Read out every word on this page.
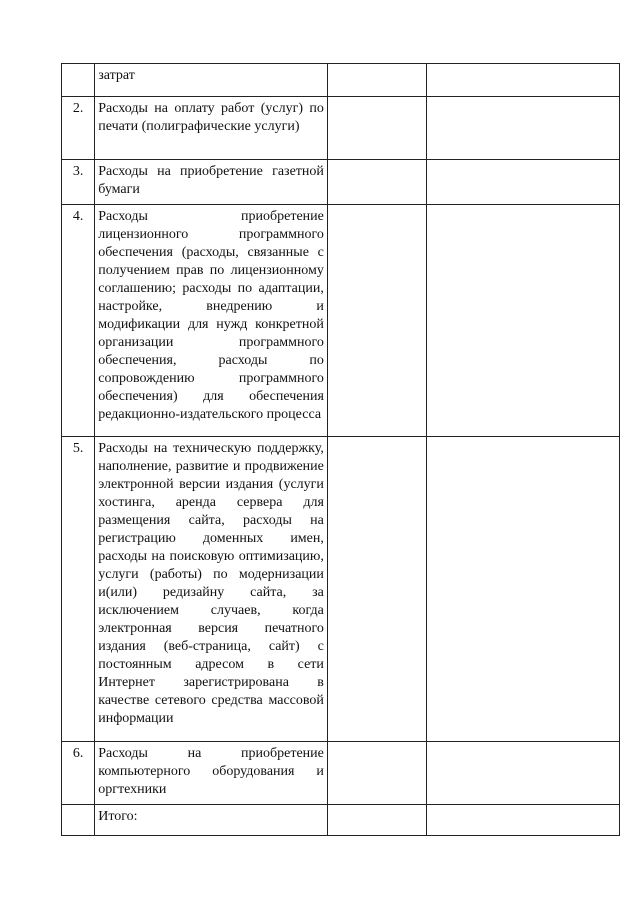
	затрат		
2.	Расходы на оплату работ (услуг) по печати (полиграфические услуги)		
3.	Расходы на приобретение газетной бумаги		
4.	Расходы приобретение лицензионного программного обеспечения (расходы, связанные с получением прав по лицензионному соглашению; расходы по адаптации, настройке, внедрению и модификации для нужд конкретной организации программного обеспечения, расходы по сопровождению программного обеспечения) для обеспечения редакционно-издательского процесса		
5.	Расходы на техническую поддержку, наполнение, развитие и продвижение электронной версии издания (услуги хостинга, аренда сервера для размещения сайта, расходы на регистрацию доменных имен, расходы на поисковую оптимизацию, услуги (работы) по модернизации и(или) редизайну сайта, за исключением случаев, когда электронная версия печатного издания (веб-страница, сайт) с постоянным адресом в сети Интернет зарегистрирована в качестве сетевого средства массовой информации		
6.	Расходы на приобретение компьютерного оборудования и оргтехники		
	Итого:		
